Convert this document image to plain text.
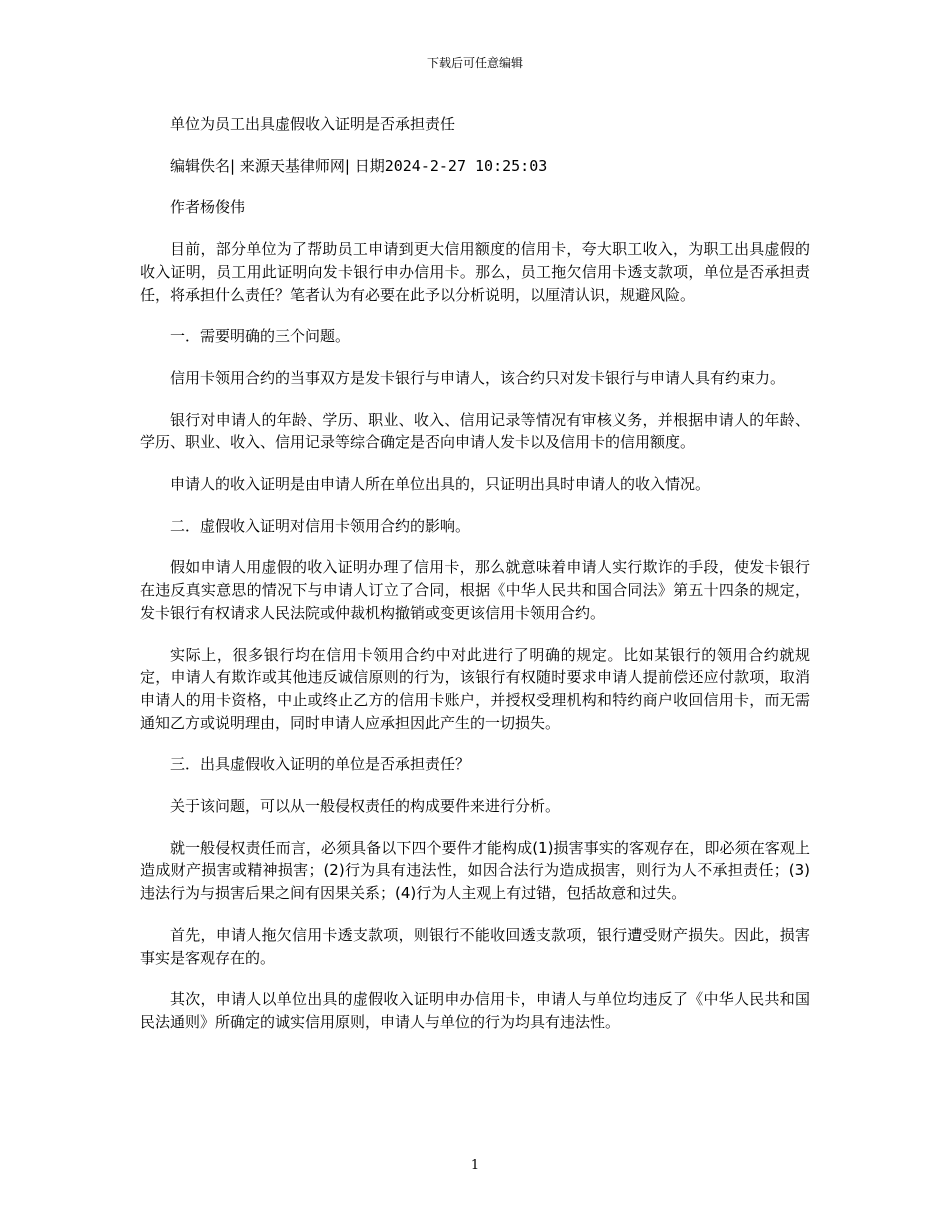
下载后可任意编辑

单位为员工出具虚假收入证明是否承担责任

编辑佚名| 来源天基律师网| 日期2024-2-27 10:25:03

作者杨俊伟

目前，部分单位为了帮助员工申请到更大信用额度的信用卡，夸大职工收入，为职工出具虚假的收入证明，员工用此证明向发卡银行申办信用卡。那么，员工拖欠信用卡透支款项，单位是否承担责任，将承担什么责任？笔者认为有必要在此予以分析说明，以厘清认识，规避风险。

一．需要明确的三个问题。

信用卡领用合约的当事双方是发卡银行与申请人，该合约只对发卡银行与申请人具有约束力。

银行对申请人的年龄、学历、职业、收入、信用记录等情况有审核义务，并根据申请人的年龄、学历、职业、收入、信用记录等综合确定是否向申请人发卡以及信用卡的信用额度。

申请人的收入证明是由申请人所在单位出具的，只证明出具时申请人的收入情况。

二．虚假收入证明对信用卡领用合约的影响。

假如申请人用虚假的收入证明办理了信用卡，那么就意味着申请人实行欺诈的手段，使发卡银行在违反真实意思的情况下与申请人订立了合同，根据《中华人民共和国合同法》第五十四条的规定，发卡银行有权请求人民法院或仲裁机构撤销或变更该信用卡领用合约。

实际上，很多银行均在信用卡领用合约中对此进行了明确的规定。比如某银行的领用合约就规定，申请人有欺诈或其他违反诚信原则的行为，该银行有权随时要求申请人提前偿还应付款项，取消申请人的用卡资格，中止或终止乙方的信用卡账户，并授权受理机构和特约商户收回信用卡，而无需通知乙方或说明理由，同时申请人应承担因此产生的一切损失。

三．出具虚假收入证明的单位是否承担责任？

关于该问题，可以从一般侵权责任的构成要件来进行分析。

就一般侵权责任而言，必须具备以下四个要件才能构成(1)损害事实的客观存在，即必须在客观上造成财产损害或精神损害；(2)行为具有违法性，如因合法行为造成损害，则行为人不承担责任；(3)违法行为与损害后果之间有因果关系；(4)行为人主观上有过错，包括故意和过失。

首先，申请人拖欠信用卡透支款项，则银行不能收回透支款项，银行遭受财产损失。因此，损害事实是客观存在的。

其次，申请人以单位出具的虚假收入证明申办信用卡，申请人与单位均违反了《中华人民共和国民法通则》所确定的诚实信用原则，申请人与单位的行为均具有违法性。

1
